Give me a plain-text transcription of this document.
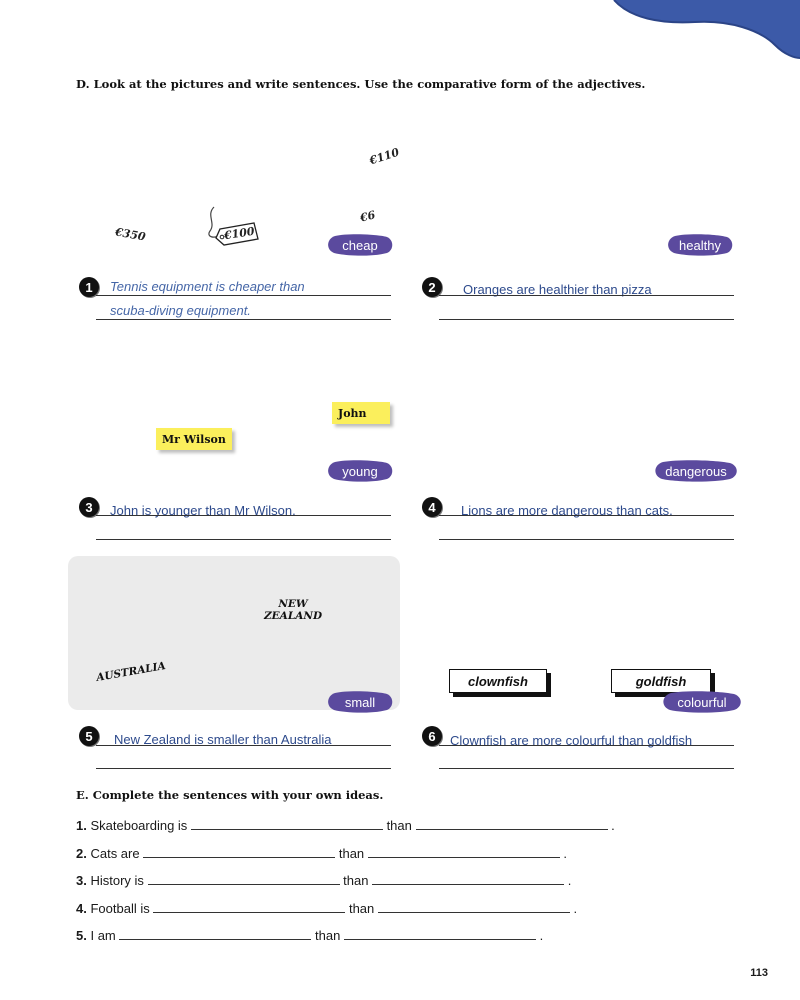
D. Look at the pictures and write sentences. Use the comparative form of the adjectives.
€110
€6
€350	€100
cheap	healthy
1	Tennis equipment is cheaper than
scuba-diving equipment.
2	Oranges are healthier than pizza
John
Mr Wilson
young	dangerous
3	John is younger than Mr Wilson.	4	Lions are more dangerous than cats.
NEW
ZEALAND
AUSTRALIA
small
clownfish	goldfish
colourful
5	New Zealand is smaller than Australia	6	Clownfish are more colourful than goldfish
E. Complete the sentences with your own ideas.
1. Skateboarding is	than	.
2. Cats are	than	.
3. History is	than	.
4. Football is	than	.
5. I am	than	.
113
